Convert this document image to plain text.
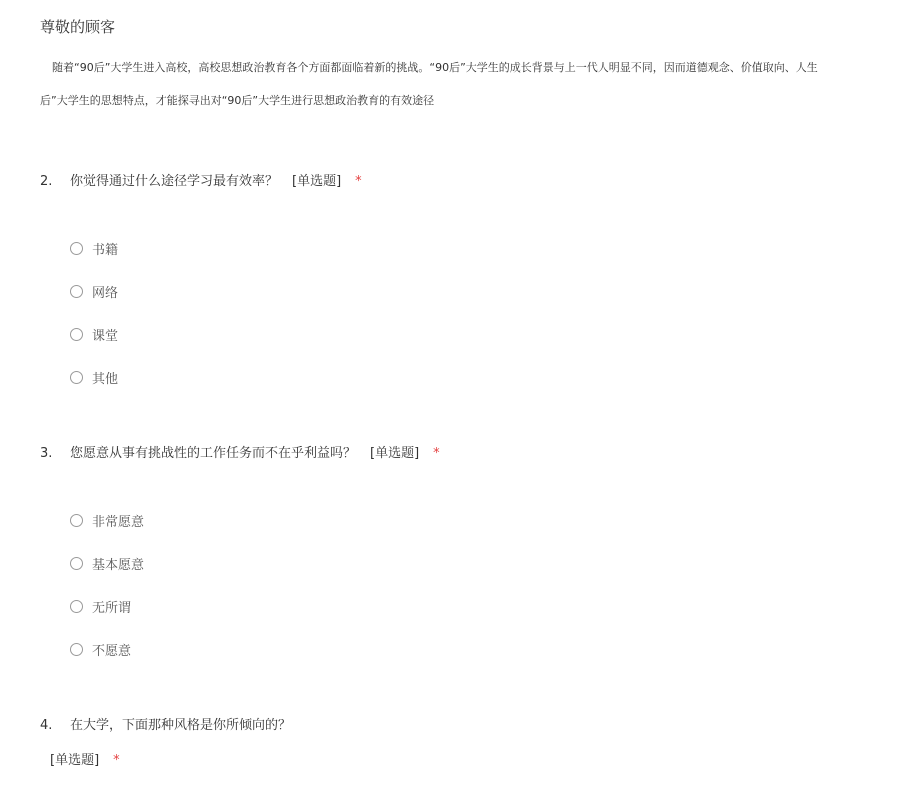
尊敬的顾客
随着“90后”大学生进入高校，高校思想政治教育各个方面都面临着新的挑战。“90后”大学生的成长背景与上一代人明显不同，因而道德观念、价值取向、人生
后”大学生的思想特点，才能探寻出对“90后”大学生进行思想政治教育的有效途径
2. 你觉得通过什么途径学习最有效率？ [单选题] *
书籍
网络
课堂
其他
3. 您愿意从事有挑战性的工作任务而不在乎利益吗？ [单选题] *
非常愿意
基本愿意
无所谓
不愿意
4. 在大学，下面那种风格是你所倾向的？
[单选题] *
